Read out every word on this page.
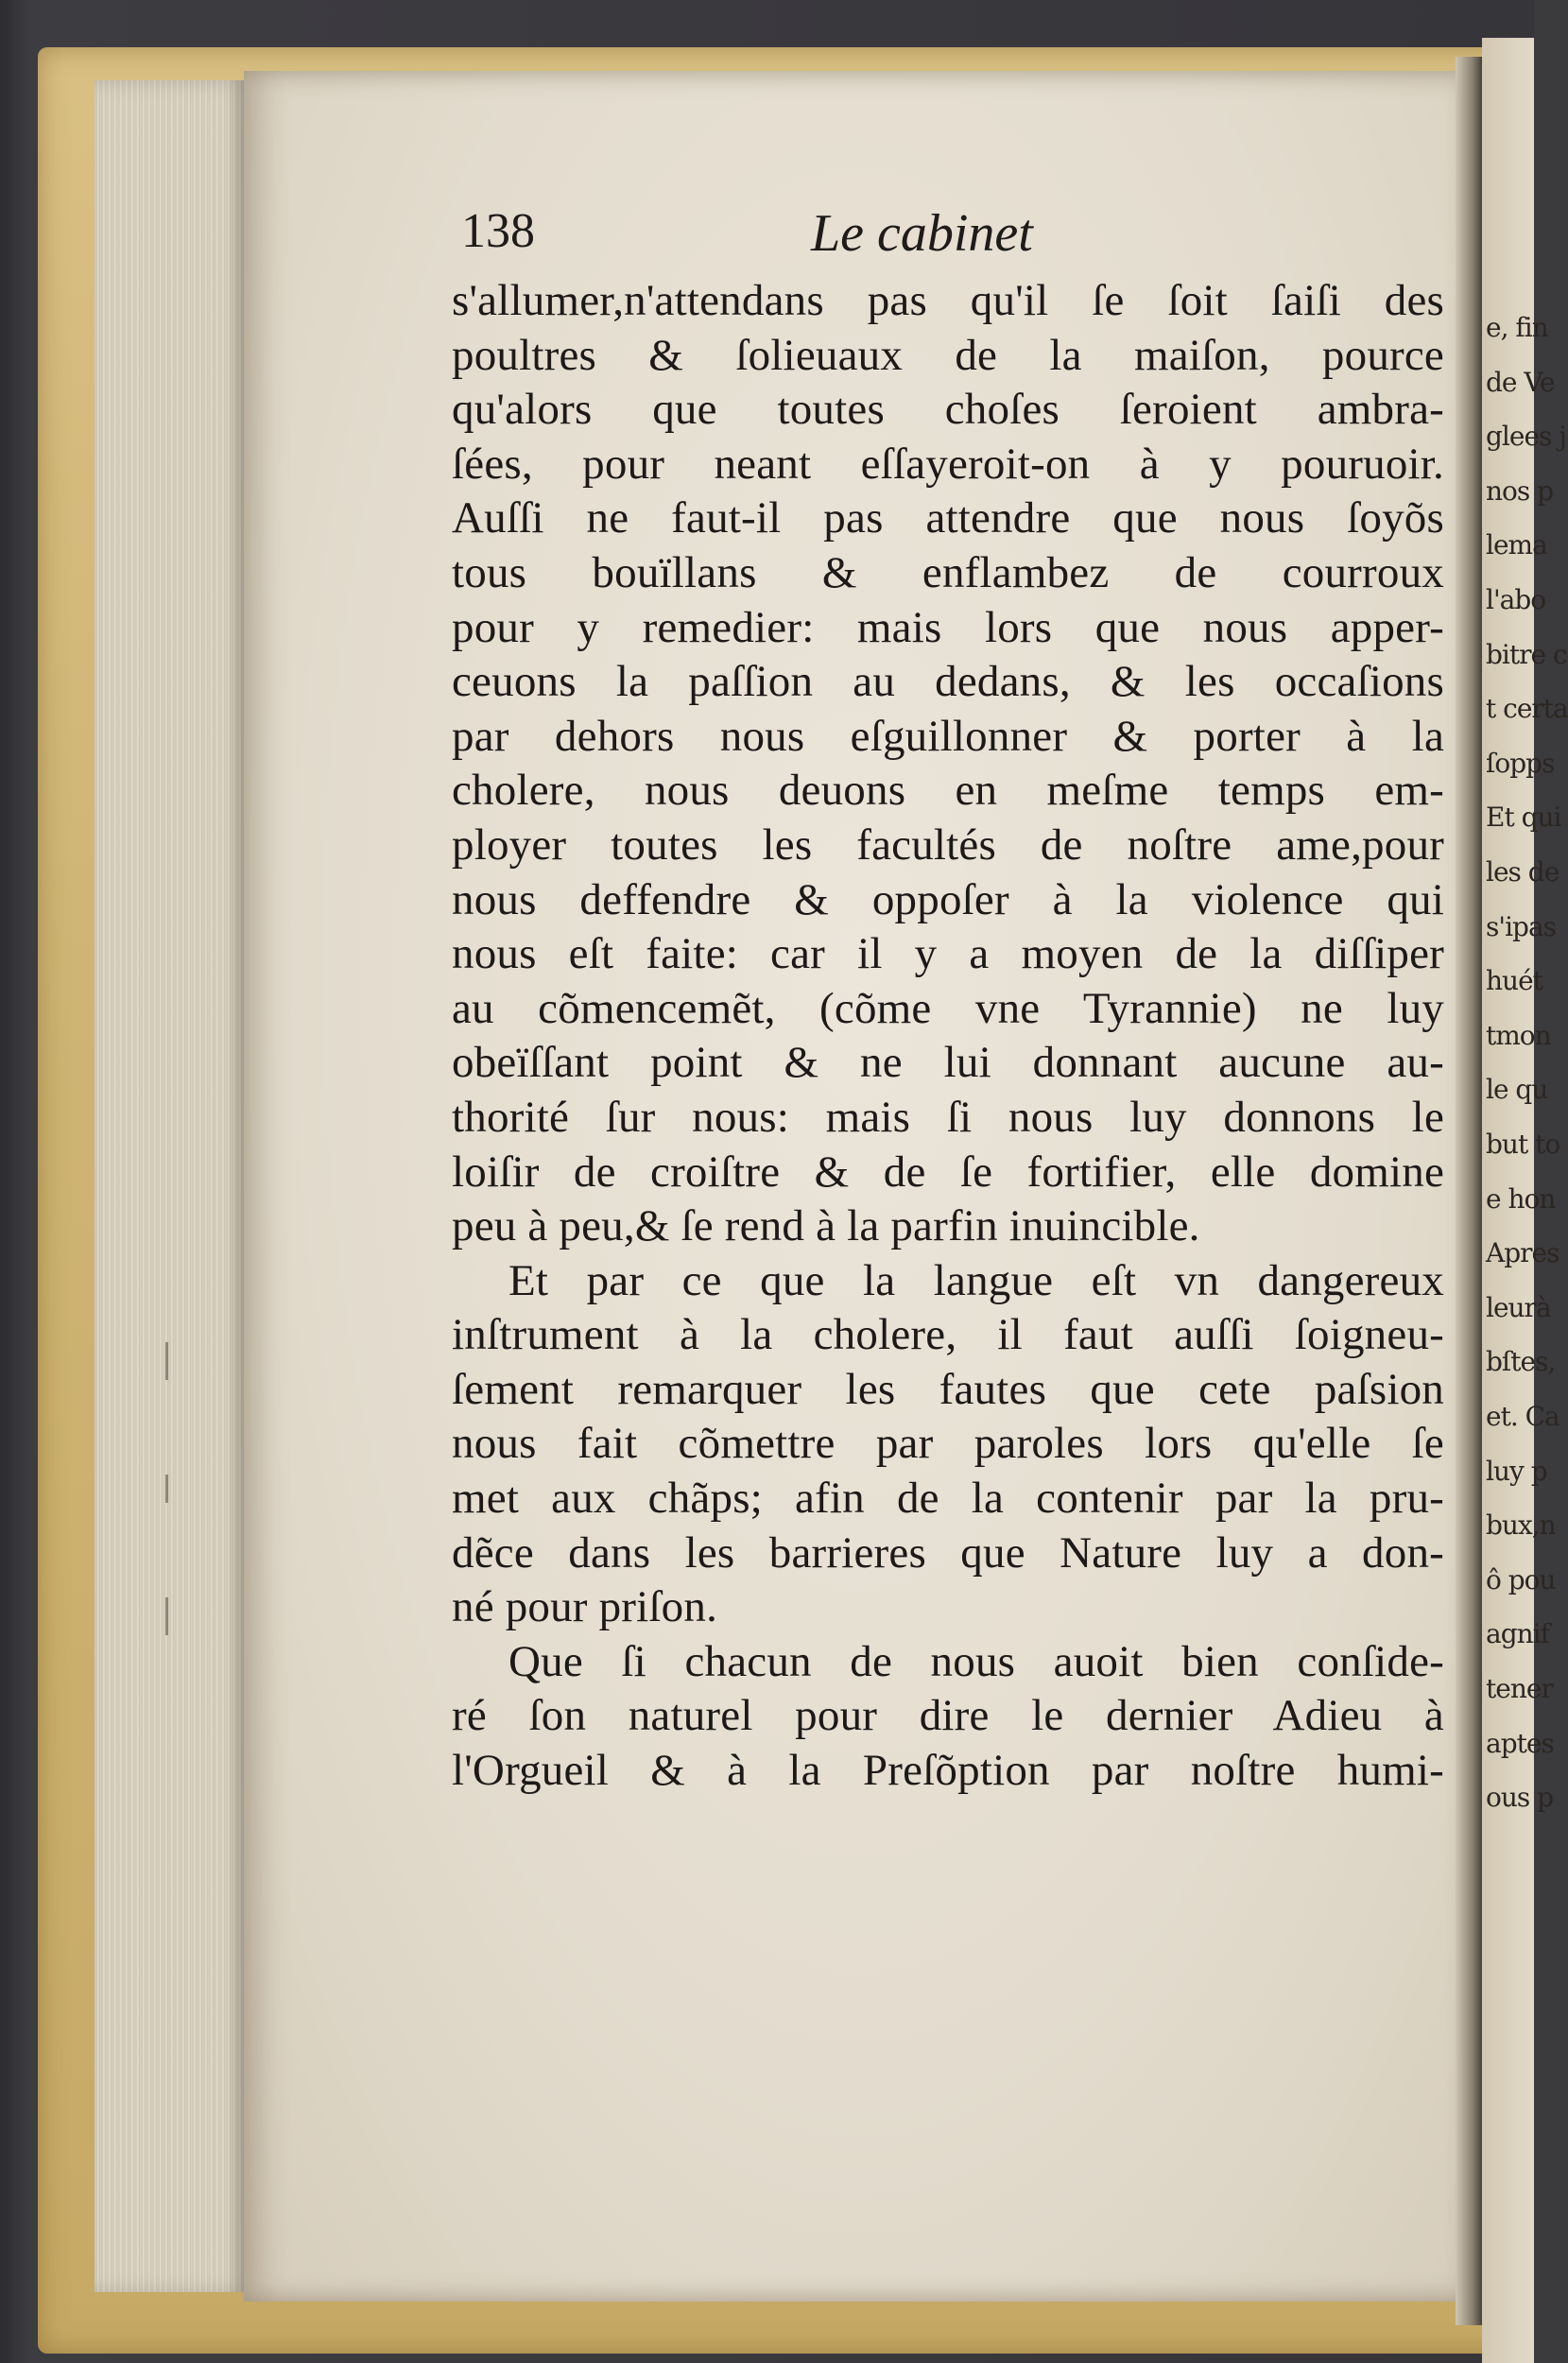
e, fin
de Ve
glees j
nos p
lema
l'abo
bitre c
t certa
ſopps
Et qui
les de
s'ipas
huét
tmon
le qu
but to
e hon
Apres
leurà
bſtes,
et. Ca
luy p
bux,n
ô pou
agnif
tener
aptes
ous p
138	Le cabinet
s'allumer,n'attendans pas qu'il ſe ſoit ſaiſi des
poultres & ſolieuaux de la maiſon, pource
qu'alors que toutes choſes ſeroient ambra-
ſées, pour neant eſſayeroit-on à y pouruoir.
Auſſi ne faut-il pas attendre que nous ſoyõs
tous bouïllans & enflambez de courroux
pour y remedier: mais lors que nous apper-
ceuons la paſſion au dedans, & les occaſions
par dehors nous eſguillonner & porter à la
cholere, nous deuons en meſme temps em-
ployer toutes les facultés de noſtre ame,pour
nous deffendre & oppoſer à la violence qui
nous eſt faite: car il y a moyen de la diſſiper
au cõmencemẽt, (cõme vne Tyrannie) ne luy
obeïſſant point & ne lui donnant aucune au-
thorité ſur nous: mais ſi nous luy donnons le
loiſir de croiſtre & de ſe fortifier, elle domine
peu à peu,& ſe rend à la parfin inuincible.
Et par ce que la langue eſt vn dangereux
inſtrument à la cholere, il faut auſſi ſoigneu-
ſement remarquer les fautes que cete paſsion
nous fait cõmettre par paroles lors qu'elle ſe
met aux chãps; afin de la contenir par la pru-
dẽce dans les barrieres que Nature luy a don-
né pour priſon.
Que ſi chacun de nous auoit bien conſide-
ré ſon naturel pour dire le dernier Adieu à
l'Orgueil & à la Preſõption par noſtre humi-
